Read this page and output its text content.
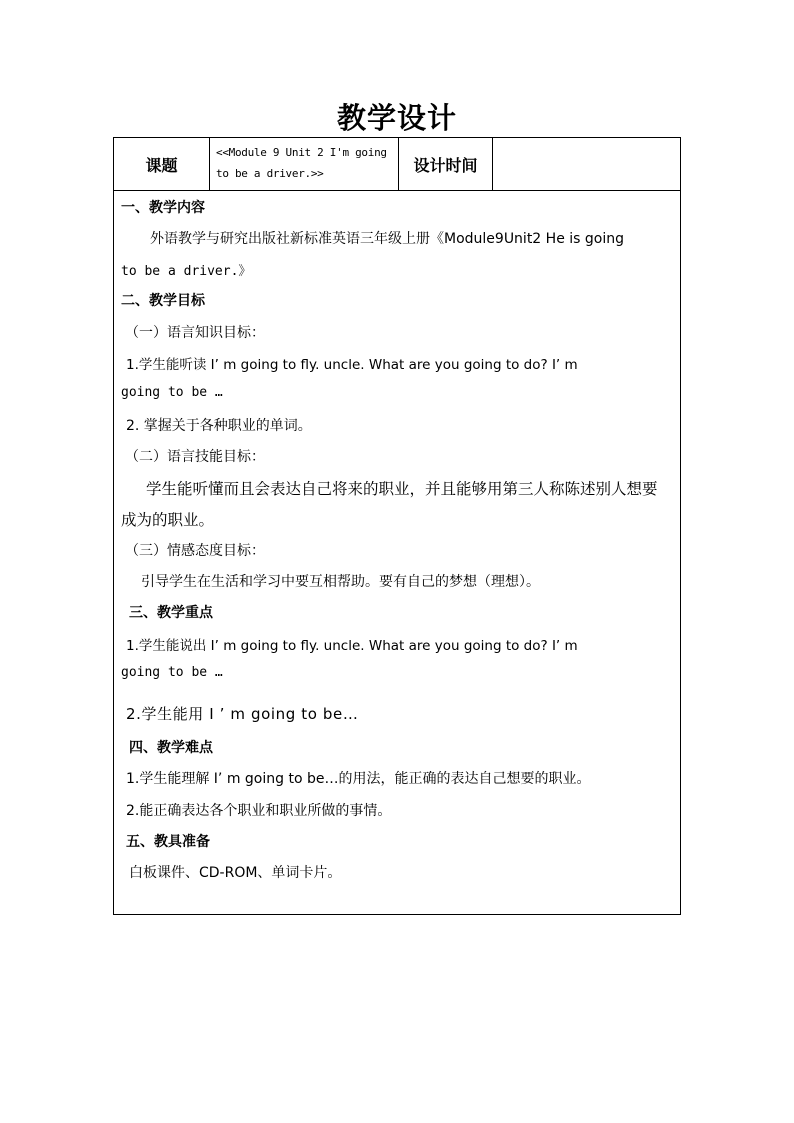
教学设计
课题
<<Module 9 Unit 2 I'm going
to be a driver.>>	设计时间
一、教学内容
外语教学与研究出版社新标准英语三年级上册《Module9Unit2 He is going
to be a driver.》
二、教学目标
（一）语言知识目标：
1.学生能听读 I’ m going to fly. uncle. What are you going to do? I’ m
going to be …
2. 掌握关于各种职业的单词。
（二）语言技能目标：
学生能听懂而且会表达自己将来的职业，并且能够用第三人称陈述别人想要
成为的职业。
（三）情感态度目标：
引导学生在生活和学习中要互相帮助。要有自己的梦想（理想）。
三、教学重点
1.学生能说出 I’ m going to fly. uncle. What are you going to do? I’ m
going to be …
2.学生能用 I ’ m going to be…
四、教学难点
1.学生能理解 I’ m going to be…的用法，能正确的表达自己想要的职业。
2.能正确表达各个职业和职业所做的事情。
五、教具准备
白板课件、CD-ROM、单词卡片。
